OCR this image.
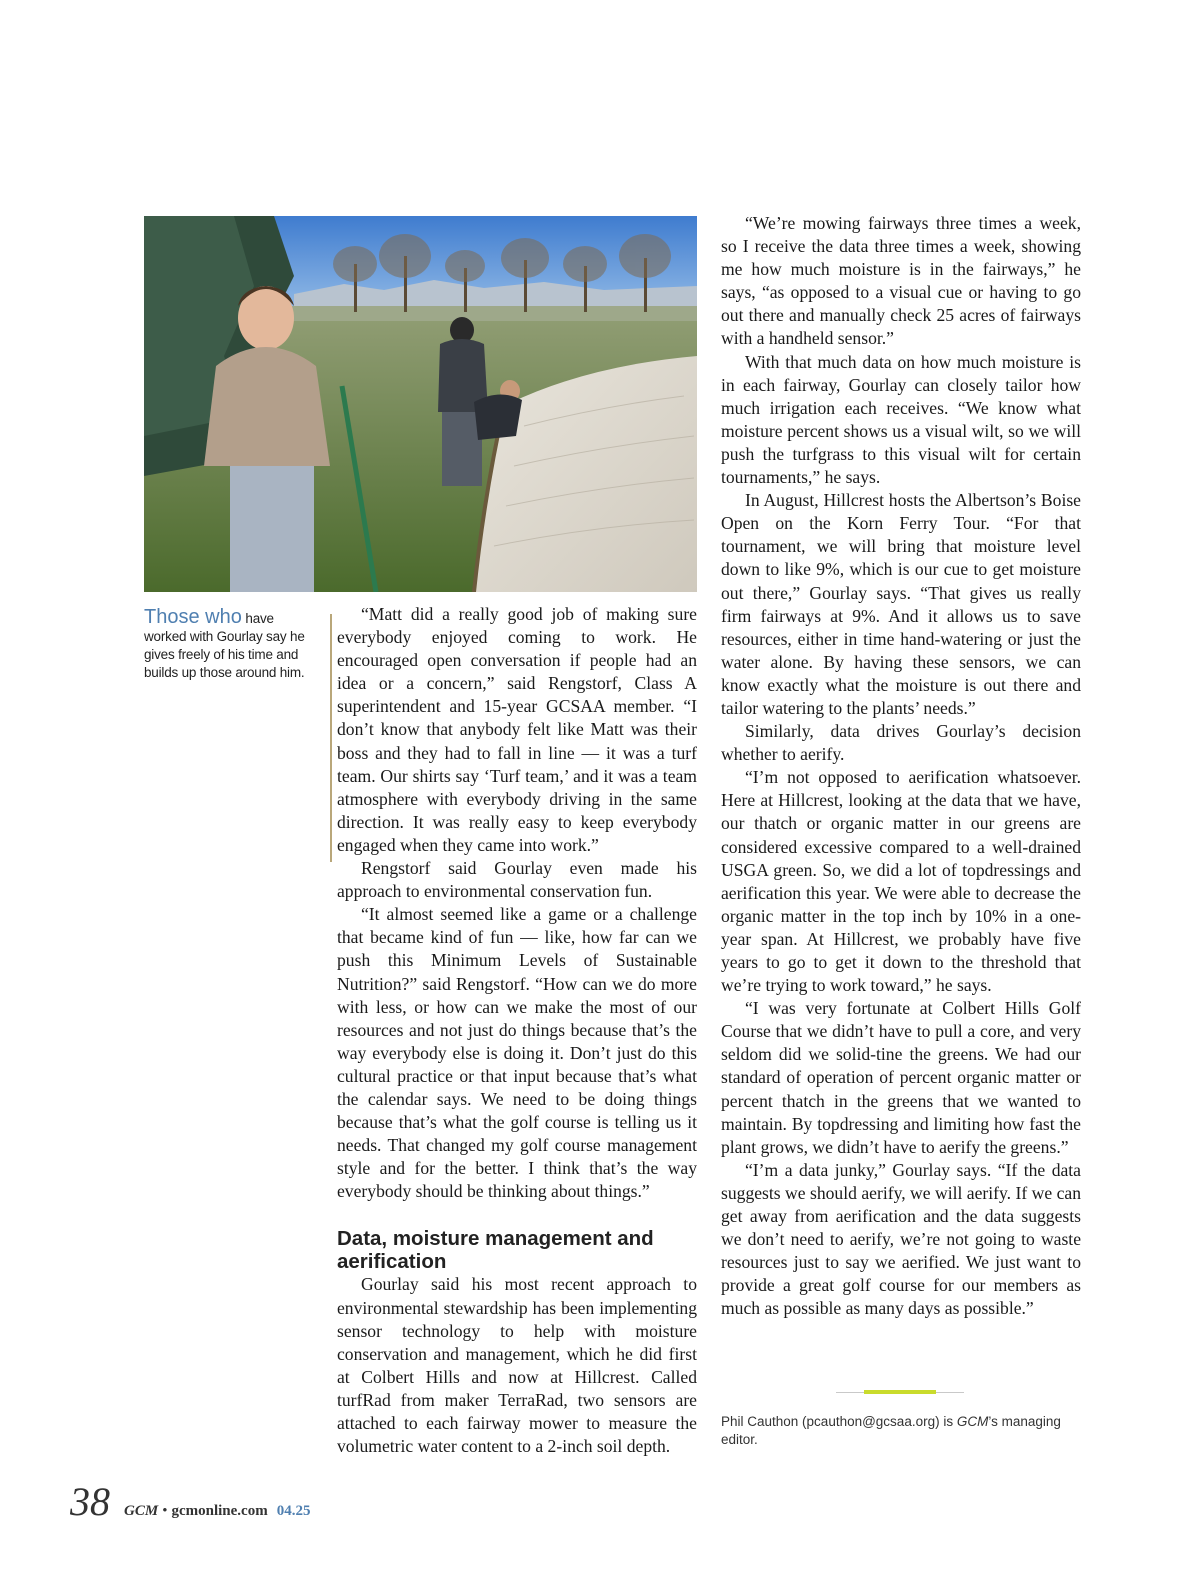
Those who have worked with Gourlay say he gives freely of his time and builds up those around him.

“Matt did a really good job of making sure everybody enjoyed coming to work. He encouraged open conversation if people had an idea or a concern,” said Rengstorf, Class A superintendent and 15-year GCSAA member. “I don’t know that anybody felt like Matt was their boss and they had to fall in line — it was a turf team. Our shirts say ‘Turf team,’ and it was a team atmosphere with everybody driving in the same direction. It was really easy to keep everybody engaged when they came into work.”

Rengstorf said Gourlay even made his approach to environmental conservation fun.

“It almost seemed like a game or a challenge that became kind of fun — like, how far can we push this Minimum Levels of Sustainable Nutrition?” said Rengstorf. “How can we do more with less, or how can we make the most of our resources and not just do things because that’s the way everybody else is doing it. Don’t just do this cultural practice or that input because that’s what the calendar says. We need to be doing things because that’s what the golf course is telling us it needs. That changed my golf course management style and for the better. I think that’s the way everybody should be thinking about things.”

Data, moisture management and aerification

Gourlay said his most recent approach to environmental stewardship has been implementing sensor technology to help with moisture conservation and management, which he did first at Colbert Hills and now at Hillcrest. Called turfRad from maker TerraRad, two sensors are attached to each fairway mower to measure the volumetric water content to a 2-inch soil depth.

“We’re mowing fairways three times a week, so I receive the data three times a week, showing me how much moisture is in the fairways,” he says, “as opposed to a visual cue or having to go out there and manually check 25 acres of fairways with a handheld sensor.”

With that much data on how much moisture is in each fairway, Gourlay can closely tailor how much irrigation each receives. “We know what moisture percent shows us a visual wilt, so we will push the turfgrass to this visual wilt for certain tournaments,” he says.

In August, Hillcrest hosts the Albertson’s Boise Open on the Korn Ferry Tour. “For that tournament, we will bring that moisture level down to like 9%, which is our cue to get moisture out there,” Gourlay says. “That gives us really firm fairways at 9%. And it allows us to save resources, either in time hand-watering or just the water alone. By having these sensors, we can know exactly what the moisture is out there and tailor watering to the plants’ needs.”

Similarly, data drives Gourlay’s decision whether to aerify.

“I’m not opposed to aerification whatsoever. Here at Hillcrest, looking at the data that we have, our thatch or organic matter in our greens are considered excessive compared to a well-drained USGA green. So, we did a lot of topdressings and aerification this year. We were able to decrease the organic matter in the top inch by 10% in a one-year span. At Hillcrest, we probably have five years to go to get it down to the threshold that we’re trying to work toward,” he says.

“I was very fortunate at Colbert Hills Golf Course that we didn’t have to pull a core, and very seldom did we solid-tine the greens. We had our standard of operation of percent organic matter or percent thatch in the greens that we wanted to maintain. By topdressing and limiting how fast the plant grows, we didn’t have to aerify the greens.”

“I’m a data junky,” Gourlay says. “If the data suggests we should aerify, we will aerify. If we can get away from aerification and the data suggests we don’t need to aerify, we’re not going to waste resources just to say we aerified. We just want to provide a great golf course for our members as much as possible as many days as possible.”

Phil Cauthon (pcauthon@gcsaa.org) is GCM’s managing editor.
38 GCM • gcmonline.com 04.25
